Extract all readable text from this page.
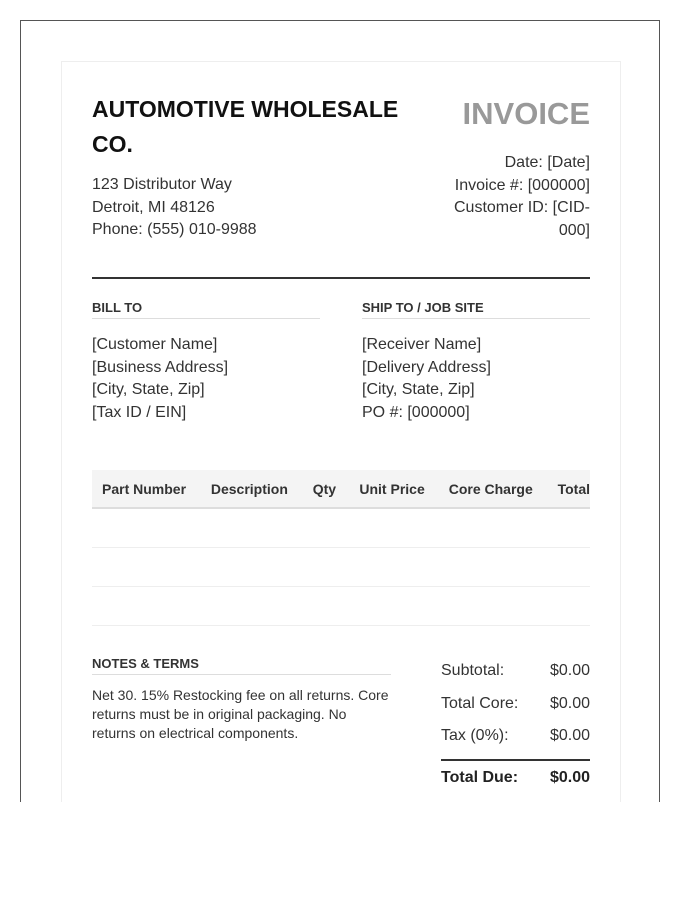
AUTOMOTIVE WHOLESALE CO.
123 Distributor Way
Detroit, MI 48126
Phone: (555) 010-9988
INVOICE
Date: [Date]
Invoice #: [000000]
Customer ID: [CID-
000]
BILL TO
[Customer Name]
[Business Address]
[City, State, Zip]
[Tax ID / EIN]
SHIP TO / JOB SITE
[Receiver Name]
[Delivery Address]
[City, State, Zip]
PO #: [000000]
Part Number	Description	Qty	Unit Price	Core Charge	Total

NOTES & TERMS
Net 30. 15% Restocking fee on all returns. Core returns must be in original packaging. No returns on electrical components.
Subtotal:	$0.00
Total Core: $0.00
Tax (0%):	$0.00
Total Due: $0.00
